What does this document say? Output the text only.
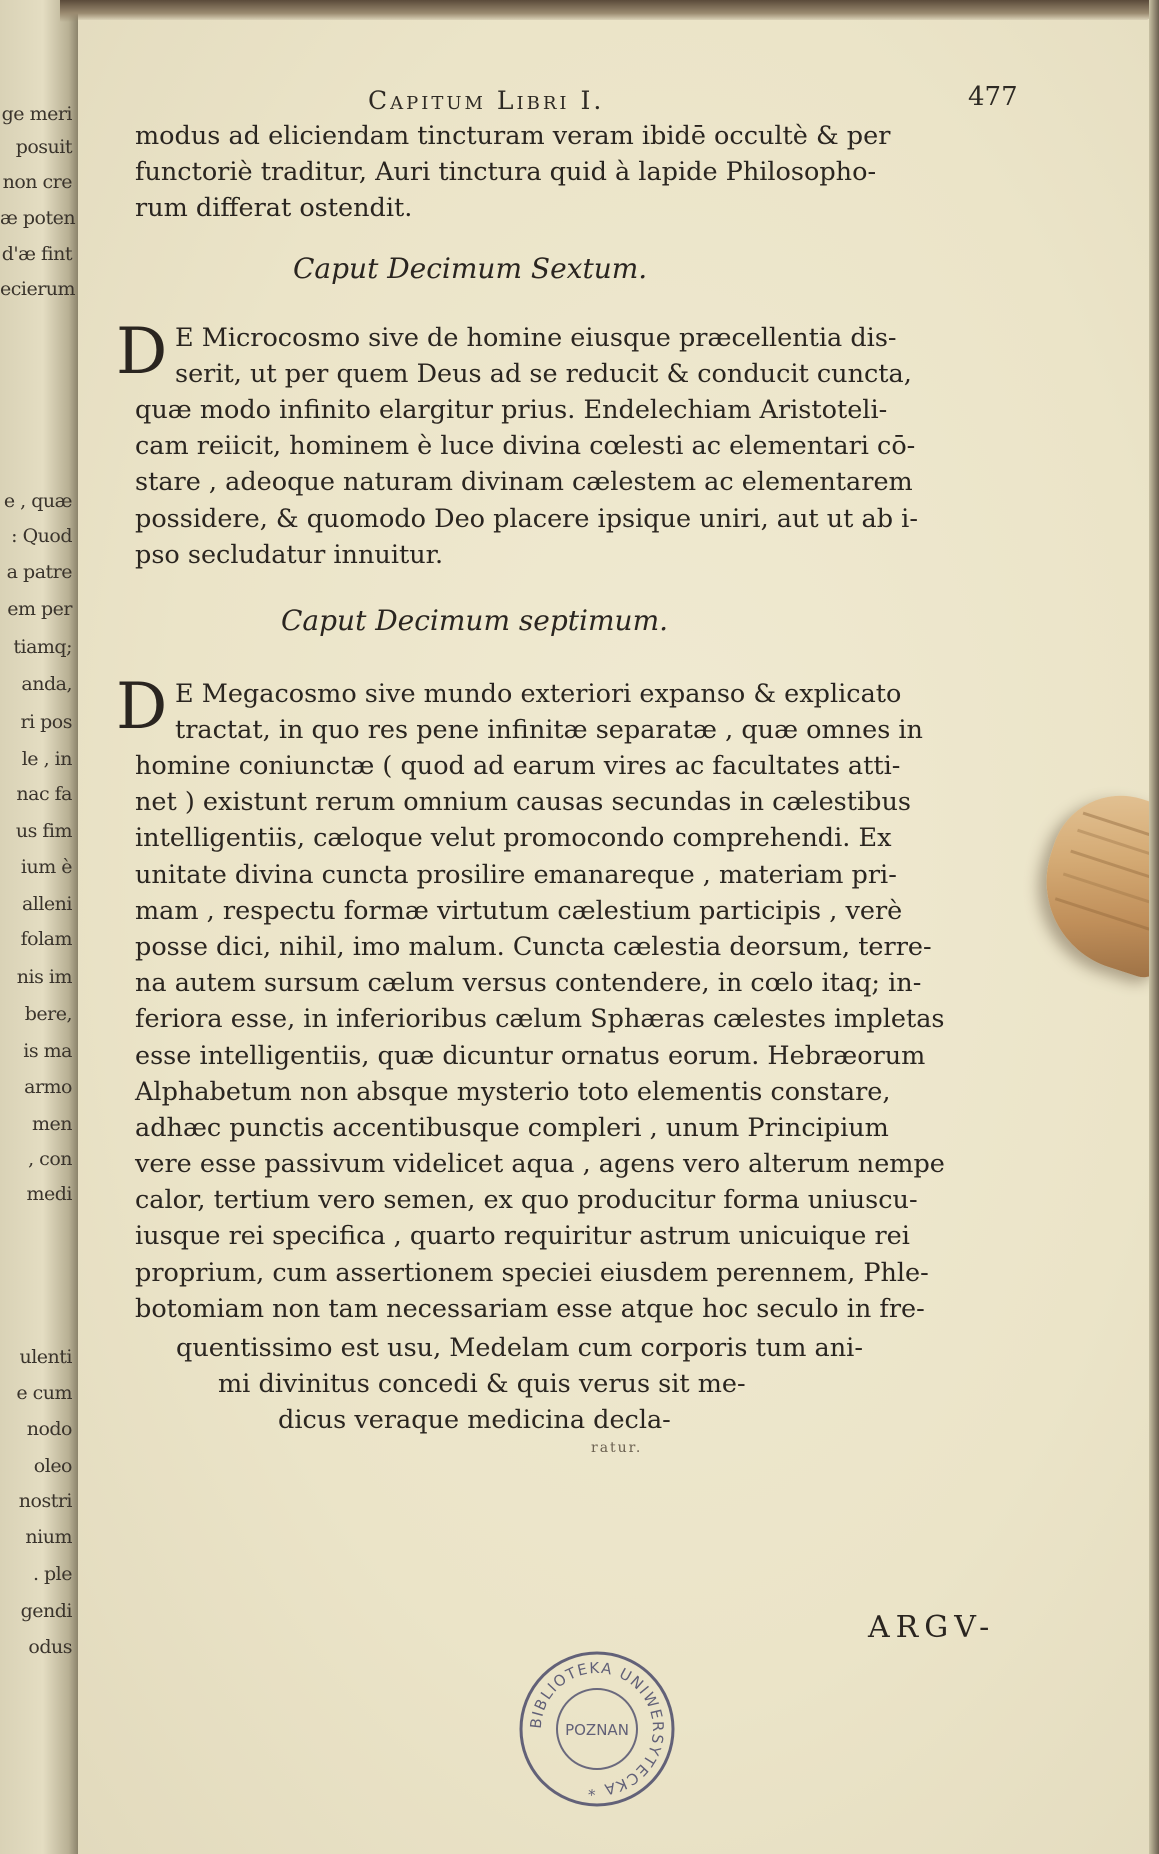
ge meri
posuit
non cre
æ poten
d'æ fint
ecierum
e , quæ
: Quod
a patre
em per
tiamq;
anda,
ri pos
le , in
nac fa
us fim
ium è
alleni
folam
nis im
bere,
is ma
armo
men
, con
medi
ulenti
e cum
nodo
oleo
nostri
nium
. ple
gendi
odus
Capitum Libri I.	477
modus ad eliciendam tincturam veram ibidē occultè & per
functoriè traditur, Auri tinctura quid à lapide Philosopho-
rum differat ostendit.
Caput Decimum Sextum.
D E Microcosmo sive de homine eiusque præcellentia dis-
serit, ut per quem Deus ad se reducit & conducit cuncta,
quæ modo infinito elargitur prius. Endelechiam Aristoteli-
cam reiicit, hominem è luce divina cœlesti ac elementari cō-
stare , adeoque naturam divinam cælestem ac elementarem
possidere, & quomodo Deo placere ipsique uniri, aut ut ab i-
pso secludatur innuitur.
Caput Decimum septimum.
D E Megacosmo sive mundo exteriori expanso & explicato
tractat, in quo res pene infinitæ separatæ , quæ omnes in
homine coniunctæ ( quod ad earum vires ac facultates atti-
net ) existunt rerum omnium causas secundas in cælestibus
intelligentiis, cæloque velut promocondo comprehendi. Ex
unitate divina cuncta prosilire emanareque , materiam pri-
mam , respectu formæ virtutum cælestium participis , verè
posse dici, nihil, imo malum. Cuncta cælestia deorsum, terre-
na autem sursum cælum versus contendere, in cœlo itaq; in-
feriora esse, in inferioribus cælum Sphæras cælestes impletas
esse intelligentiis, quæ dicuntur ornatus eorum. Hebræorum
Alphabetum non absque mysterio toto elementis constare,
adhæc punctis accentibusque compleri , unum Principium
vere esse passivum videlicet aqua , agens vero alterum nempe
calor, tertium vero semen, ex quo producitur forma uniuscu-
iusque rei specifica , quarto requiritur astrum unicuique rei
proprium, cum assertionem speciei eiusdem perennem, Phle-
botomiam non tam necessariam esse atque hoc seculo in fre-
quentissimo est usu, Medelam cum corporis tum ani-
mi divinitus concedi & quis verus sit me-
dicus veraque medicina decla-
ratur.
ARGV-
BIBLIOTEKA UNIWERSYTECKA *
POZNAN
